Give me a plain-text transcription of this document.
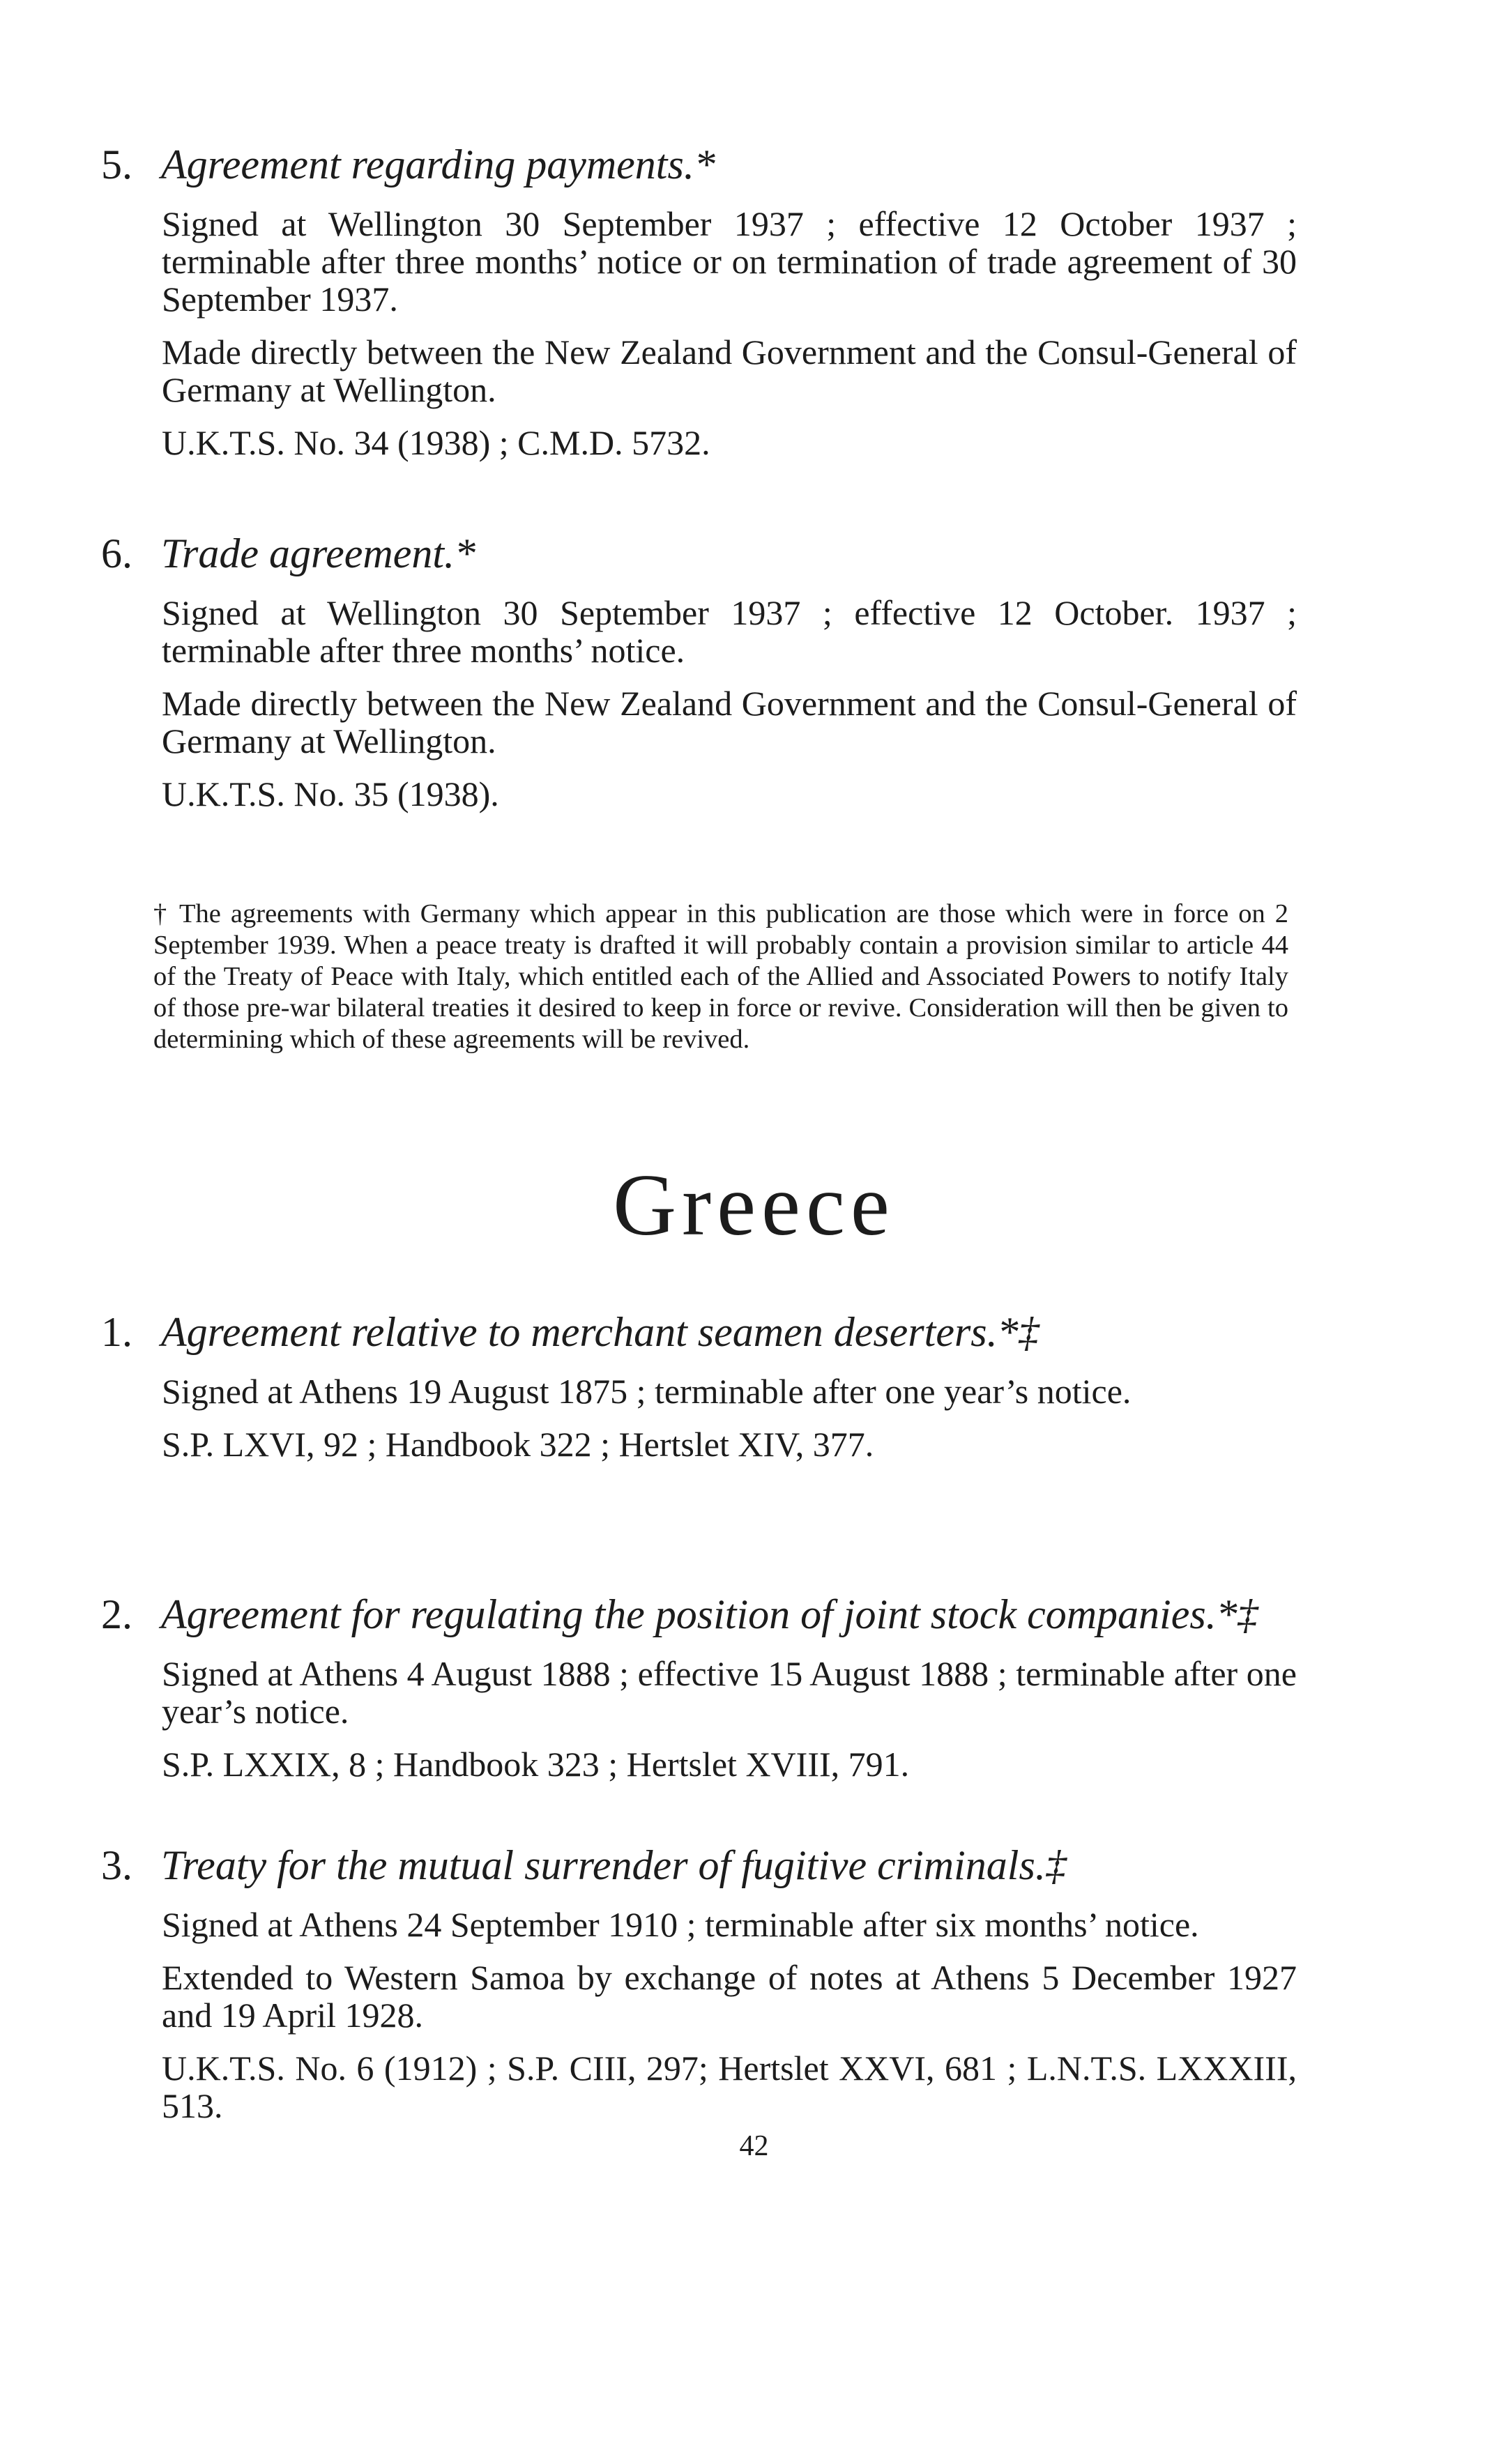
5. Agreement regarding payments.*

Signed at Wellington 30 September 1937 ; effective 12 October 1937 ; terminable after three months’ notice or on termination of trade agreement of 30 September 1937.

Made directly between the New Zealand Government and the Consul-General of Germany at Wellington.

U.K.T.S. No. 34 (1938) ; C.M.D. 5732.

6. Trade agreement.*

Signed at Wellington 30 September 1937 ; effective 12 October. 1937 ; terminable after three months’ notice.

Made directly between the New Zealand Government and the Consul-General of Germany at Wellington.

U.K.T.S. No. 35 (1938).

† The agreements with Germany which appear in this publication are those which were in force on 2 September 1939. When a peace treaty is drafted it will probably contain a provision similar to article 44 of the Treaty of Peace with Italy, which entitled each of the Allied and Associated Powers to notify Italy of those pre-war bilateral treaties it desired to keep in force or revive. Consideration will then be given to determining which of these agreements will be revived.

Greece
1. Agreement relative to merchant seamen deserters.*‡

Signed at Athens 19 August 1875 ; terminable after one year’s notice.

S.P. LXVI, 92 ; Handbook 322 ; Hertslet XIV, 377.

2. Agreement for regulating the position of joint stock companies.*‡

Signed at Athens 4 August 1888 ; effective 15 August 1888 ; terminable after one year’s notice.

S.P. LXXIX, 8 ; Handbook 323 ; Hertslet XVIII, 791.

3. Treaty for the mutual surrender of fugitive criminals.‡

Signed at Athens 24 September 1910 ; terminable after six months’ notice.

Extended to Western Samoa by exchange of notes at Athens 5 December 1927 and 19 April 1928.

U.K.T.S. No. 6 (1912) ; S.P. CIII, 297; Hertslet XXVI, 681 ; L.N.T.S. LXXXIII, 513.

42
